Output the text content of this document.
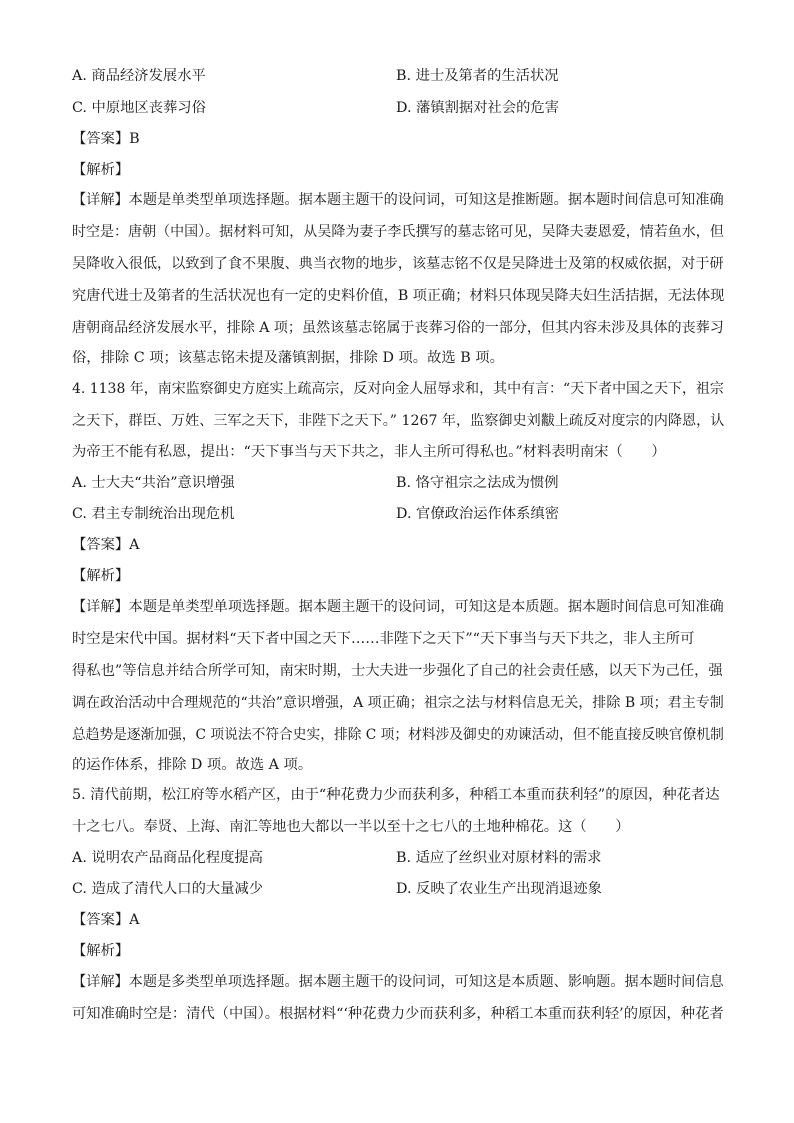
A. 商品经济发展水平	B. 进士及第者的生活状况
C. 中原地区丧葬习俗	D. 藩镇割据对社会的危害
【答案】B
【解析】
【详解】本题是单类型单项选择题。据本题主题干的设问词，可知这是推断题。据本题时间信息可知准确
时空是：唐朝（中国）。据材料可知，从吴降为妻子李氏撰写的墓志铭可见，吴降夫妻恩爱，情若鱼水，但
吴降收入很低，以致到了食不果腹、典当衣物的地步，该墓志铭不仅是吴降进士及第的权威依据，对于研
究唐代进士及第者的生活状况也有一定的史料价值，B 项正确；材料只体现吴降夫妇生活拮据，无法体现
唐朝商品经济发展水平，排除 A 项；虽然该墓志铭属于丧葬习俗的一部分，但其内容未涉及具体的丧葬习
俗，排除 C 项；该墓志铭未提及藩镇割据，排除 D 项。故选 B 项。
4. 1138 年，南宋监察御史方庭实上疏高宗，反对向金人屈辱求和，其中有言：“天下者中国之天下，祖宗
之天下，群臣、万姓、三军之天下，非陛下之天下。” 1267 年，监察御史刘黻上疏反对度宗的内降恩，认
为帝王不能有私恩，提出：“天下事当与天下共之，非人主所可得私也。”材料表明南宋（　　）
A. 士大夫“共治”意识增强	B. 恪守祖宗之法成为惯例
C. 君主专制统治出现危机	D. 官僚政治运作体系缜密
【答案】A
【解析】
【详解】本题是单类型单项选择题。据本题主题干的设问词，可知这是本质题。据本题时间信息可知准确
时空是宋代中国。据材料“天下者中国之天下……非陛下之天下”“天下事当与天下共之，非人主所可
得私也”等信息并结合所学可知，南宋时期，士大夫进一步强化了自己的社会责任感，以天下为己任，强
调在政治活动中合理规范的“共治”意识增强，A 项正确；祖宗之法与材料信息无关，排除 B 项；君主专制
总趋势是逐渐加强，C 项说法不符合史实，排除 C 项；材料涉及御史的劝谏活动，但不能直接反映官僚机制
的运作体系，排除 D 项。故选 A 项。
5. 清代前期，松江府等水稻产区，由于“种花费力少而获利多，种稻工本重而获利轻”的原因，种花者达
十之七八。奉贤、上海、南汇等地也大都以一半以至十之七八的土地种棉花。这（　　）
A. 说明农产品商品化程度提高	B. 适应了丝织业对原材料的需求
C. 造成了清代人口的大量减少	D. 反映了农业生产出现消退迹象
【答案】A
【解析】
【详解】本题是多类型单项选择题。据本题主题干的设问词，可知这是本质题、影响题。据本题时间信息
可知准确时空是：清代（中国）。根据材料“‘种花费力少而获利多，种稻工本重而获利轻’的原因，种花者
